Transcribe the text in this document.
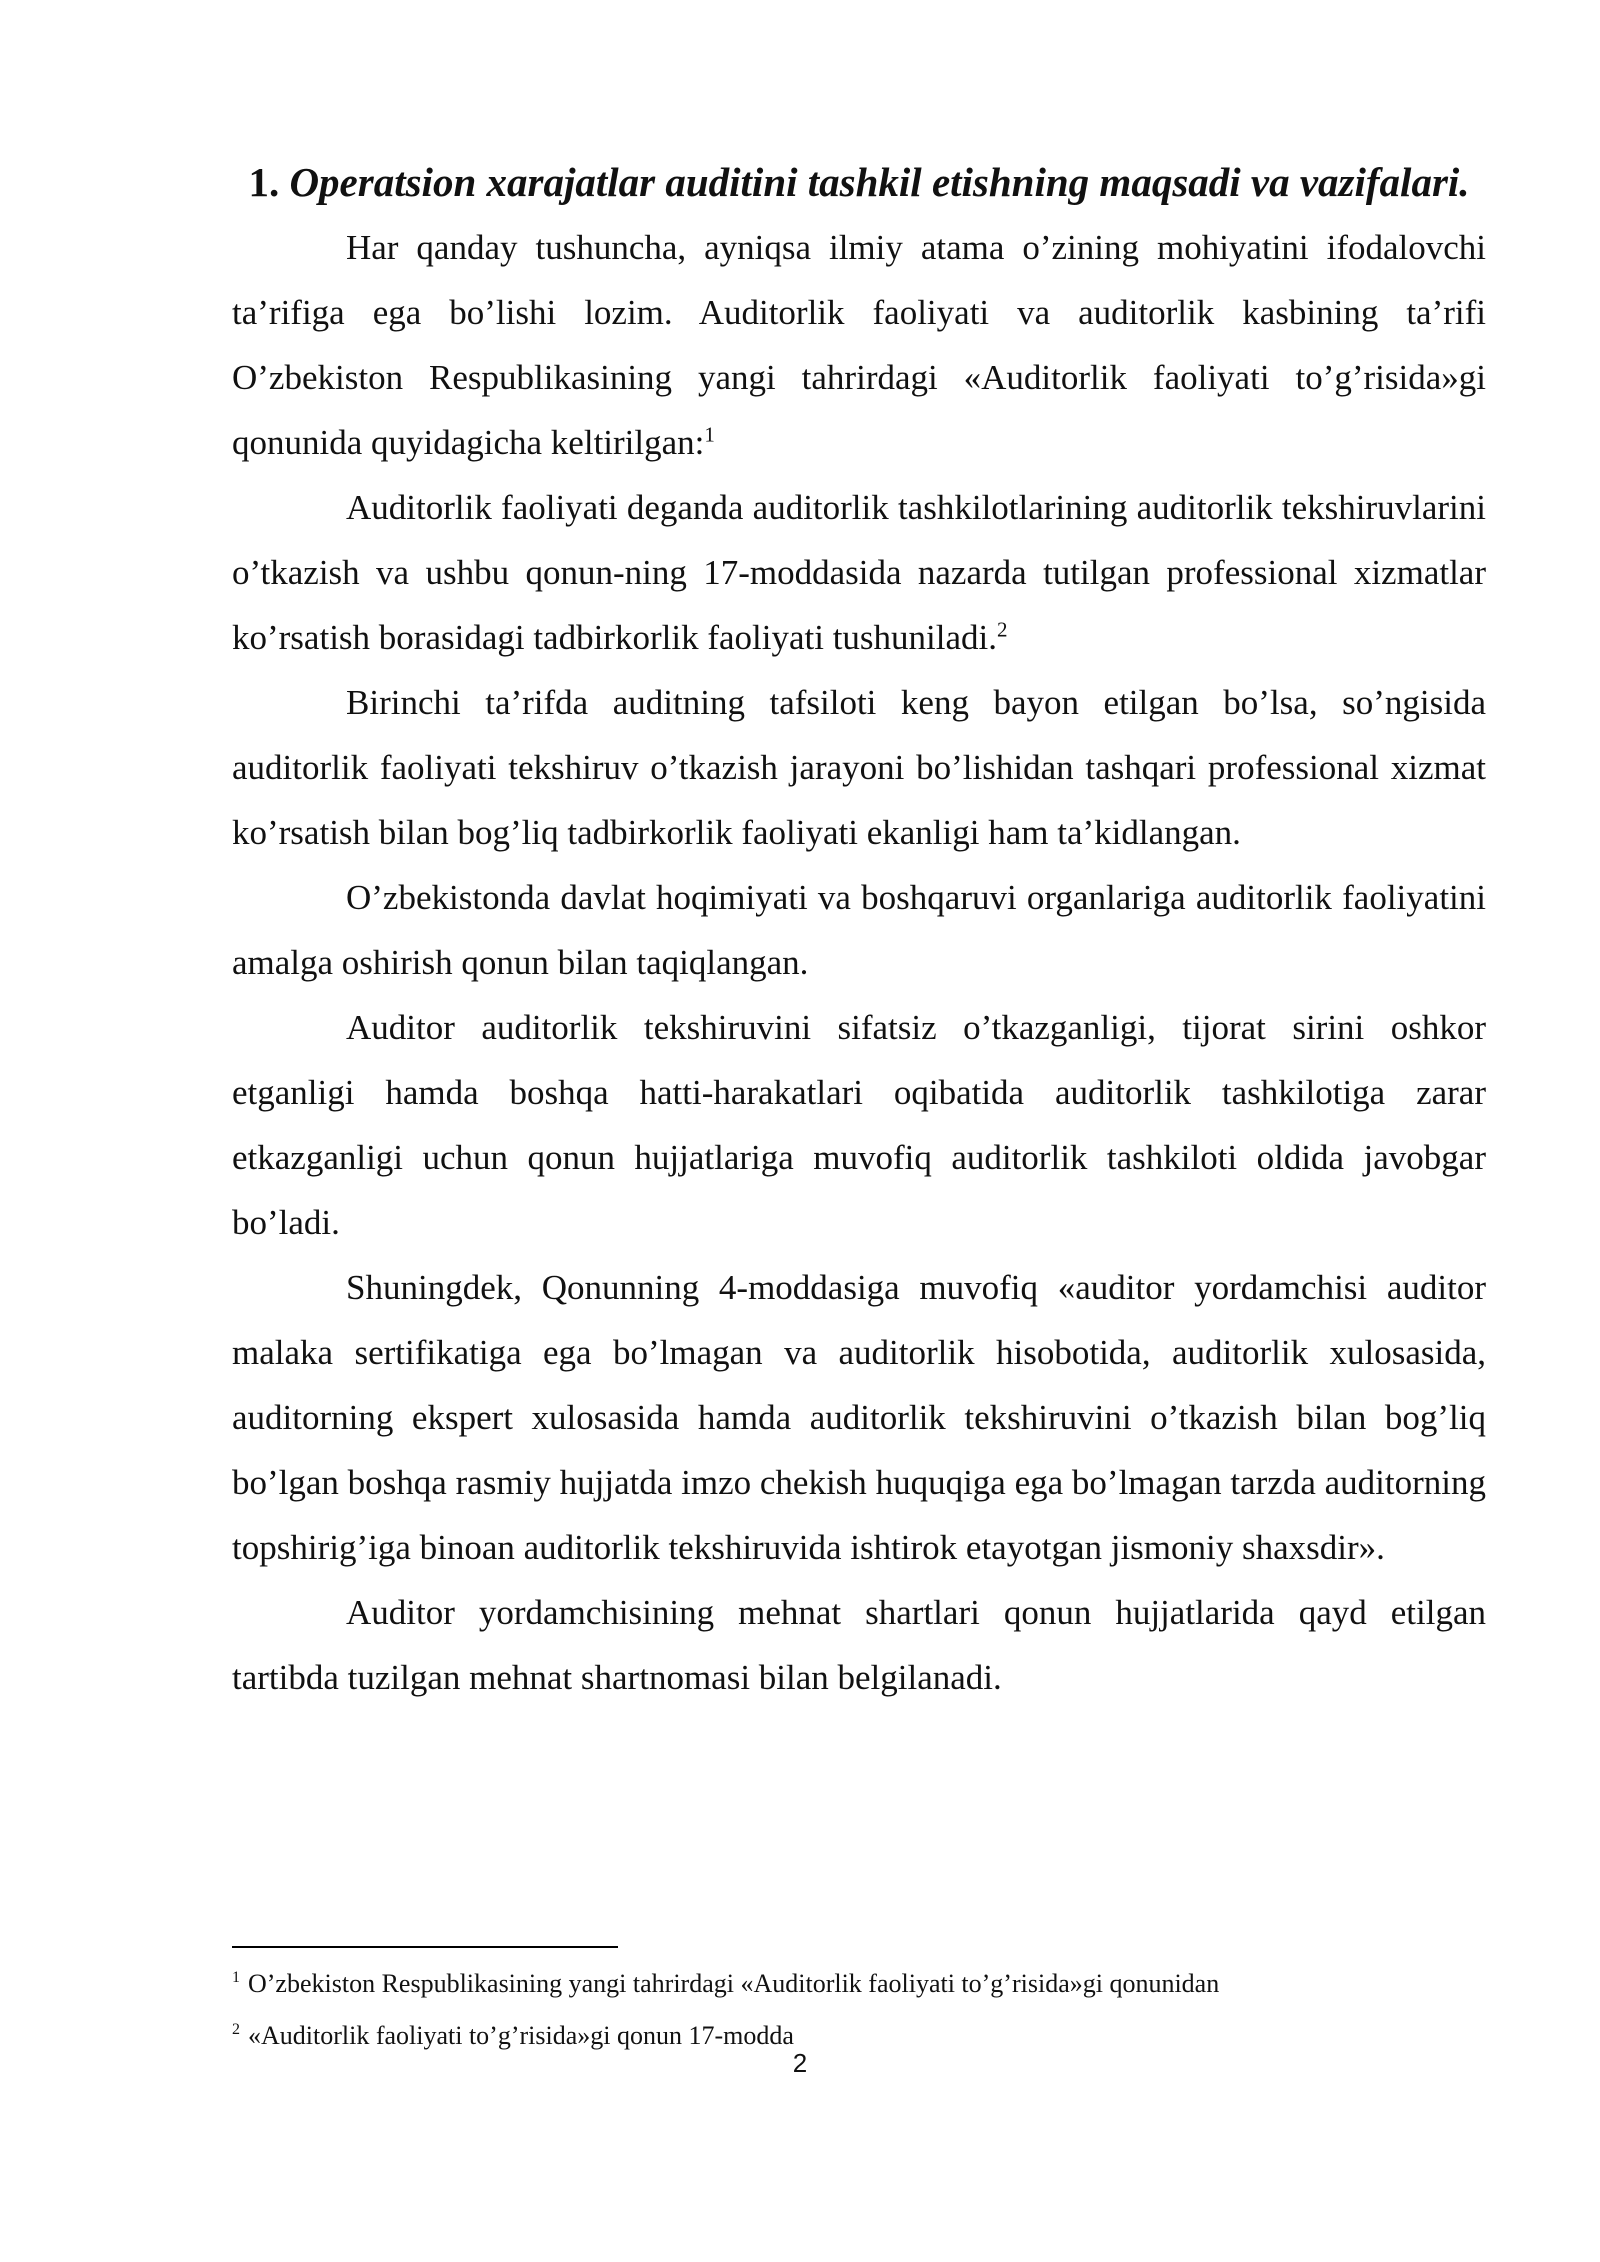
1. Operatsion xarajatlar auditini tashkil etishning maqsadi va vazifalari.

Har qanday tushuncha, ayniqsa ilmiy atama o’zining mohiyatini ifodalovchi ta’rifiga ega bo’lishi lozim. Auditorlik faoliyati va auditorlik kasbining ta’rifi O’zbekiston Respublikasining yangi tahrirdagi «Auditorlik faoliyati to’g’risida»gi qonunida quyidagicha keltirilgan:$^1$

Auditorlik faoliyati deganda auditorlik tashkilotlarining auditorlik tekshiruvlarini o’tkazish va ushbu qonun-ning 17-moddasida nazarda tutilgan professional xizmatlar ko’rsatish borasidagi tadbirkorlik faoliyati tushuniladi.$^2$

Birinchi ta’rifda auditning tafsiloti keng bayon etilgan bo’lsa, so’ngisida auditorlik faoliyati tekshiruv o’tkazish jarayoni bo’lishidan tashqari professional xizmat ko’rsatish bilan bog’liq tadbirkorlik faoliyati ekanligi ham ta’kidlangan.

O’zbekistonda davlat hoqimiyati va boshqaruvi organlariga auditorlik faoliyatini amalga oshirish qonun bilan taqiqlangan.

Auditor auditorlik tekshiruvini sifatsiz o’tkazganligi, tijorat sirini oshkor etganligi hamda boshqa hatti-harakatlari oqibatida auditorlik tashkilotiga zarar etkazganligi uchun qonun hujjatlariga muvofiq auditorlik tashkiloti oldida javobgar bo’ladi.

Shuningdek, Qonunning 4-moddasiga muvofiq «auditor yordamchisi auditor malaka sertifikatiga ega bo’lmagan va auditorlik hisobotida, auditorlik xulosasida, auditorning ekspert xulosasida hamda auditorlik tekshiruvini o’tkazish bilan bog’liq bo’lgan boshqa rasmiy hujjatda imzo chekish huquqiga ega bo’lmagan tarzda auditorning topshirig’iga binoan auditorlik tekshiruvida ishtirok etayotgan jismoniy shaxsdir».

Auditor yordamchisining mehnat shartlari qonun hujjatlarida qayd etilgan tartibda tuzilgan mehnat shartnomasi bilan belgilanadi.

$^1$ O’zbekiston Respublikasining yangi tahrirdagi «Auditorlik faoliyati to’g’risida»gi qonunidan

$^2$ «Auditorlik faoliyati to’g’risida»gi qonun 17-modda

2
